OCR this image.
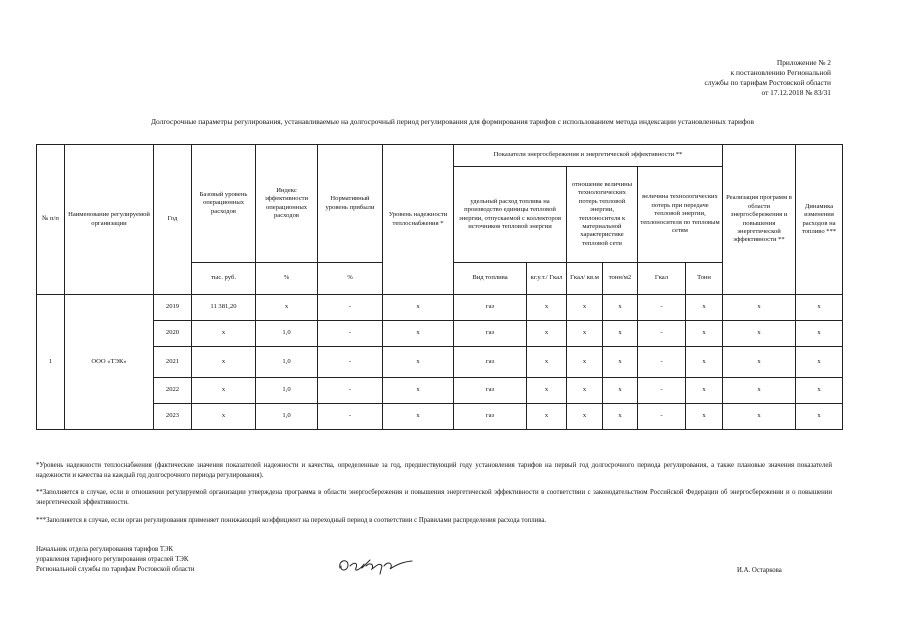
Приложение № 2
к постановлению Региональной
службы по тарифам Ростовской области
от 17.12.2018 № 83/31
Долгосрочные параметры регулирования, устанавливаемые на долгосрочный период регулирования для формирования тарифов с использованием метода индексации установленных тарифов
№ п/п	Наименование регулируемой организации	Год	Базовый уровень операционных расходов	Индекс эффективности операционных расходов	Нормативный уровень прибыли	Уровень надежности теплоснабжения *	Показатели энергосбережения и энергетической эффективности **						Реализация программ в области энергосбережения и повышения энергетической эффективности **	Динамика изменения расходов на топливо ***
							удельный расход топлива на производство единицы тепловой энергии, отпускаемой с коллекторов источников тепловой энергии		отношение величины технологических потерь тепловой энергии, теплоносителя к материальной характеристике тепловой сети		величина технологических потерь при передаче тепловой энергии, теплоносителя по тепловым сетям			
			тыс. руб.	%	%		Вид топлива	кг.у.т./ Гкал	Гкал/ кв.м	тонн/м2	Гкал	Тонн		
1	ООО «ТЭК»	2019	11 381,20	х	-	х	газ	х	х	х	-	х	х	х
		2020	х	1,0	-	х	газ	х	х	х	-	х	х	х
		2021	х	1,0	-	х	газ	х	х	х	-	х	х	х
		2022	х	1,0	-	х	газ	х	х	х	-	х	х	х
		2023	х	1,0	-	х	газ	х	х	х	-	х	х	х
*Уровень надежности теплоснабжения (фактические значения показателей надежности и качества, определенные за год, предшествующий году установления тарифов на первый год долгосрочного периода регулирования, а также плановые значения показателей надежности и качества на каждый год долгосрочного периода регулирования).
**Заполняется в случае, если в отношении регулируемой организации утверждена программа в области энергосбережения и повышения энергетической эффективности в соответствии с законодательством Российской Федерации об энергосбережении и о повышении энергетической эффективности.
***Заполняется в случае, если орган регулирования применяет понижающий коэффициент на переходный период в соответствии с Правилами распределения расхода топлива.
Начальник отдела регулирования тарифов ТЭК
управления тарифного регулирования отраслей ТЭК
Региональной службы по тарифам Ростовской области	И.А. Остаркова
